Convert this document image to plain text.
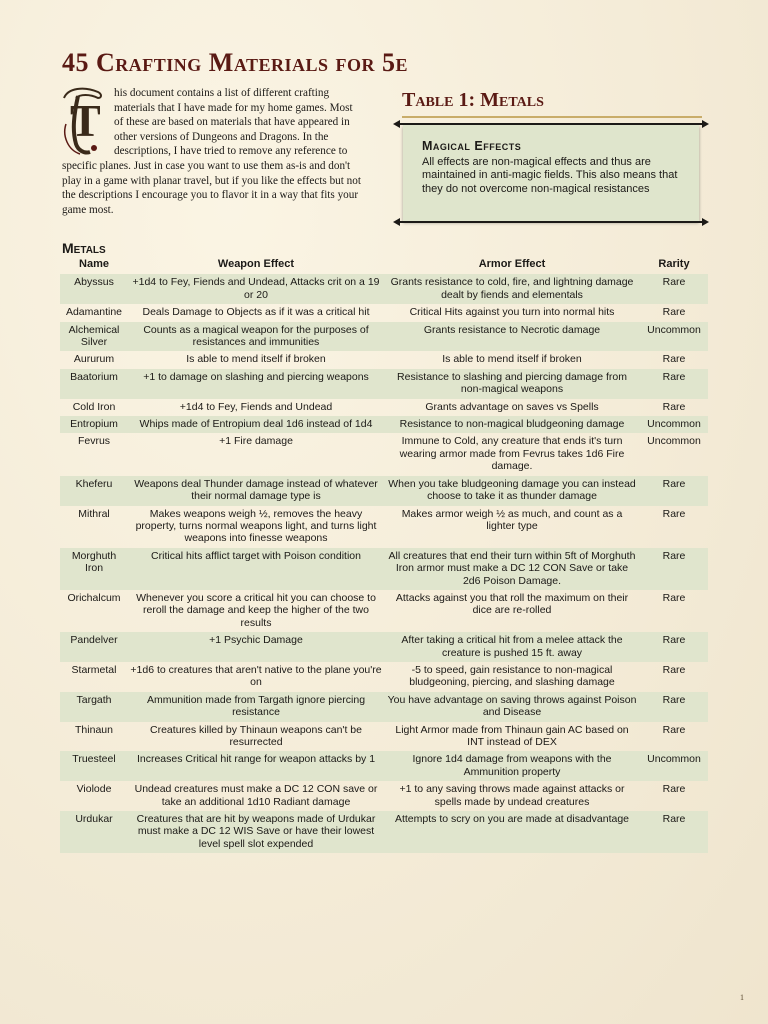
45 Crafting Materials for 5e
T
his document contains a list of different crafting materials that I have made for my home games. Most of these are based on materials that have appeared in other versions of Dungeons and Dragons. In the descriptions, I have tried to remove any reference to specific planes. Just in case you want to use them as-is and don't play in a game with planar travel, but if you like the effects but not the descriptions I encourage you to flavor it in a way that fits your game most.
Table 1: Metals
Magical Effects
All effects are non-magical effects and thus are maintained in anti-magic fields. This also means that they do not overcome non-magical resistances
Metals
Name	Weapon Effect	Armor Effect	Rarity
Abyssus	+1d4 to Fey, Fiends and Undead, Attacks crit on a 19 or 20	Grants resistance to cold, fire, and lightning damage dealt by fiends and elementals	Rare
Adamantine	Deals Damage to Objects as if it was a critical hit	Critical Hits against you turn into normal hits	Rare
Alchemical Silver	Counts as a magical weapon for the purposes of resistances and immunities	Grants resistance to Necrotic damage	Uncommon
Aururum	Is able to mend itself if broken	Is able to mend itself if broken	Rare
Baatorium	+1 to damage on slashing and piercing weapons	Resistance to slashing and piercing damage from non-magical weapons	Rare
Cold Iron	+1d4 to Fey, Fiends and Undead	Grants advantage on saves vs Spells	Rare
Entropium	Whips made of Entropium deal 1d6 instead of 1d4	Resistance to non-magical bludgeoning damage	Uncommon
Fevrus	+1 Fire damage	Immune to Cold, any creature that ends it's turn wearing armor made from Fevrus takes 1d6 Fire damage.	Uncommon
Kheferu	Weapons deal Thunder damage instead of whatever their normal damage type is	When you take bludgeoning damage you can instead choose to take it as thunder damage	Rare
Mithral	Makes weapons weigh ½, removes the heavy property, turns normal weapons light, and turns light weapons into finesse weapons	Makes armor weigh ½ as much, and count as a lighter type	Rare
Morghuth Iron	Critical hits afflict target with Poison condition	All creatures that end their turn within 5ft of Morghuth Iron armor must make a DC 12 CON Save or take 2d6 Poison Damage.	Rare
Orichalcum	Whenever you score a critical hit you can choose to reroll the damage and keep the higher of the two results	Attacks against you that roll the maximum on their dice are re-rolled	Rare
Pandelver	+1 Psychic Damage	After taking a critical hit from a melee attack the creature is pushed 15 ft. away	Rare
Starmetal	+1d6 to creatures that aren't native to the plane you're on	-5 to speed, gain resistance to non-magical bludgeoning, piercing, and slashing damage	Rare
Targath	Ammunition made from Targath ignore piercing resistance	You have advantage on saving throws against Poison and Disease	Rare
Thinaun	Creatures killed by Thinaun weapons can't be resurrected	Light Armor made from Thinaun gain AC based on INT instead of DEX	Rare
Truesteel	Increases Critical hit range for weapon attacks by 1	Ignore 1d4 damage from weapons with the Ammunition property	Uncommon
Violode	Undead creatures must make a DC 12 CON save or take an additional 1d10 Radiant damage	+1 to any saving throws made against attacks or spells made by undead creatures	Rare
Urdukar	Creatures that are hit by weapons made of Urdukar must make a DC 12 WIS Save or have their lowest level spell slot expended	Attempts to scry on you are made at disadvantage	Rare
1
